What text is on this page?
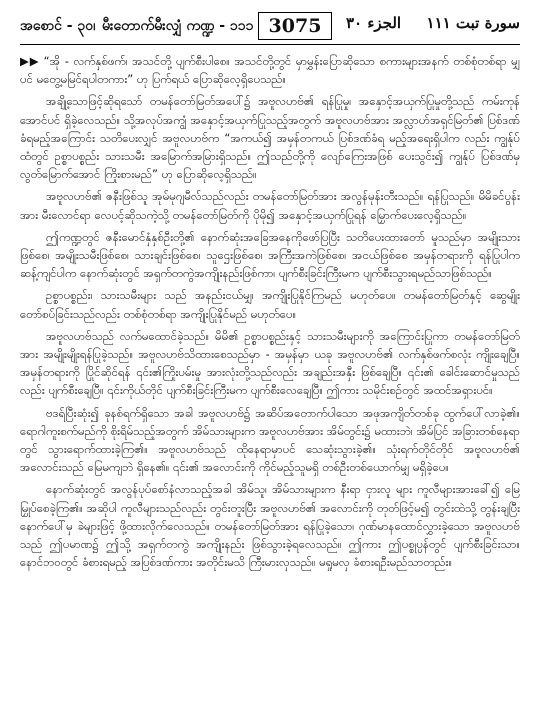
အစောင် - ၃၀၊ မီးတောက်မီးလျှံ ကဏ္ဍ - ၁၁၁ 3075	الجزء ٣٠ سورة تبت ١١١

▶▶ “အို - လက်နှစ်ဖက်၊ အသင်တို့ ပျက်စီးပါစေ။ အသင်တို့တွင် မှာမွှန်းပြောဆိုသော စကားများအနက် တစ်စုံတစ်ရာ မျှပင် မတွေ့မမြင်ရပါတကား” ဟု ပြက်ရယ် ပြောဆိုလေ့ရှိပေသည်။

အချို့သောဖြင့်ဆိုရသော် တမန်တော်မြတ်အပေါ်၌ အဗူလဟဗ်၏ ရန်ပြုမှု၊ အနှောင့်အယှက်ပြုမှုတို့သည် ကမ်းကုန်အောင်ပင် ရှိခဲ့လေသည်။ သို့အလုပ်အကျွံ အနှောင့်အယှက်ပြုသည့်အတွက် အဗူလဟဗ်အား အလ္လာဟ်အရှင်မြတ်၏ ပြစ်ဒဏ်ခံရမည့်အကြောင်း သတိပေးလျှင် အဗူလဟဗ်က “အကယ်၍ အမှန်တကယ် ပြစ်ဒဏ်ခံရ မည့်အရေးရှိပါက လည်း ကျွန်ုပ်ထံတွင် ဥစ္စာပစ္စည်း သားသမီး အမြောက်အမြားရှိသည်။ ဤသည်တို့ကို လျော်ကြေးအဖြစ် ပေးသွင်း၍ ကျွန်ုပ် ပြစ်ဒဏ်မှ လွတ်မြောက်အောင် ကြိုးစားမည်” ဟု ပြောဆိုလေ့ရှိသည်။

အဗူလဟဗ်၏ ဇနီးဖြစ်သူ အုမ်မုဂျမီလ်သည်လည်း တမန်တော်မြတ်အား အလွန်မုန်းတီးသည်။ ရန်ပြုသည်။ မိမိခင်ပွန်းအား မီးလောင်ရာ လေပင့်ဆိုသကဲ့သို့ တမန်တော်မြတ်ကို ပိုမို၍ အနှောင့်အယှက်ပြုရန် မြှောက်ပေးလေ့ရှိသည်။

ဤကဏ္ဍတွင် ဇနီးမောင်နှံနှစ်ဦးတို့၏ နောက်ဆုံးအခြေအနေကိုဖော်ပြပြီး သတိပေးထားတော် မူသည်မှာ အမျိုးသားဖြစ်စေ၊ အမျိုးသမီးဖြစ်စေ၊ သားချင်းဖြစ်စေ၊ သူဌေးဖြစ်စေ၊ အကြီးအကဲဖြစ်စေ၊ အငယ်ဖြစ်စေ အမှန်တရားကို ရန်ပြုပါက ဆန့်ကျင်ပါက နောက်ဆုံးတွင် အရှက်တကွဲအကျိုးနည်းဖြစ်ကာ၊ ပျက်စီးခြင်းကြီးမက ပျက်စီးသွားရမည်သာဖြစ်သည်။

ဥစ္စာပစ္စည်း၊ သားသမီးများ သည် အနည်းငယ်မျှ၊ အကျိုးပြုနိုင်ကြမည် မဟုတ်ပေ။ တမန်တော်မြတ်နှင့် ဆွေမျိုးတော်စပ်ခြင်းသည်လည်း တစ်စုံတစ်ရာ အကျိုးပြုနိုင်မည် မဟုတ်ပေ။

အဗူလဟဗ်သည် လက်မထောင်ခဲ့သည်။ မိမိ၏ ဥစ္စာပစ္စည်းနှင့် သားသမီးများကို အကြောင်းပြုကာ တမန်တော်မြတ်အား အမျိုးမျိုးရန်ပြုခဲ့သည်။ အဗူလဟဗ်သိထားစေသည်မှာ - အမှန်မှာ ယခု အဗူလဟဗ်၏ လက်နှစ်ဖက်စလုံး ကျိုးချေပြီ။ အမှန်တရားကို ပြိုင်ဆိုင်ရန် ၎င်း၏ကြိုးပမ်းမှု အားလုံးတို့သည်လည်း အချည်းအနှီး ဖြစ်ချေပြီ။ ၎င်း၏ ခေါင်းဆောင်မှုသည်လည်း ပျက်စီးချေပြီ။ ၎င်းကိုယ်တိုင် ပျက်စီးခြင်းကြီးမက ပျက်စီးလေချေပြီ။ ဤကား သမိုင်းစဉ်တွင် အထင်အရှားပင်။

ဗဒရ်ပြီးဆုံး၍ ခုနစ်ရက်ရှိသော အခါ အဗူလဟဗ်၌ အဆိပ်အတောက်ပါသော အဖုအကျိတ်တစ်ခု ထွက်ပေါ်လာခဲ့၏။ ရောဂါကူးစက်မည်ကို စိုးရိမ်သည့်အတွက် အိမ်သားများက အဗူလဟဗ်အား အိမ်တွင်း၌ မထားဘဲ၊ အိမ်ပြင် အခြားတစ်နေရာတွင် သွားရောက်ထားခဲ့ကြ၏။ အဗူလဟဗ်သည် ထိုနေရာမှာပင် သေဆုံးသွားခဲ့၏။ သုံးရက်တိုင်တိုင် အဗူလဟဗ်၏ အလောင်းသည် မြေမကျဘဲ ရှိနေ၏။ ၎င်း၏ အလောင်းကို ကိုင်မည့်သူမရှိ တစ်ဦးတစ်ယောက်မျှ မရှိခဲ့ပေ။

နောက်ဆုံးတွင် အလွန်ပုပ်စော်နံလာသည့်အခါ အိမ်သူ၊ အိမ်သားများက နီးရာ ငှားလူ များ ကူလီများအားခေါ်၍ မြေမြှုပ်စေခဲ့ကြ၏။ အဆိုပါ ကူလီများသည်လည်း တွင်းတူးပြီး အဗူလဟဗ်၏ အလောင်းကို တုတ်ဖြင့်မ၍ တွင်းထဲသို့ တွန်းချပြီးနောက်ပေါ်မှ ခဲများဖြင့် ဖို့ထားလိုက်လေသည်။ တမန်တော်မြတ်အား ရန်ပြုခဲ့သော၊ ဂုဏ်မာနထောင်လွှားခဲ့သော အဗူလဟဗ်သည် ဤပမာဏ၌ ဤသို့ အရှက်တကွဲ အကျိုးနည်း ဖြစ်သွားခဲ့ရလေသည်။ ဤကား ဤပစ္စုပ္ပန်တွင် ပျက်စီးခြင်းသာ။ နောင်ဘဝတွင် ခံစားရမည့် အပြစ်ဒဏ်ကား အတိုင်းမသိ ကြီးမားလှသည်။ မရှုမလှ ခံစားရဦးမည်သာတည်း။
